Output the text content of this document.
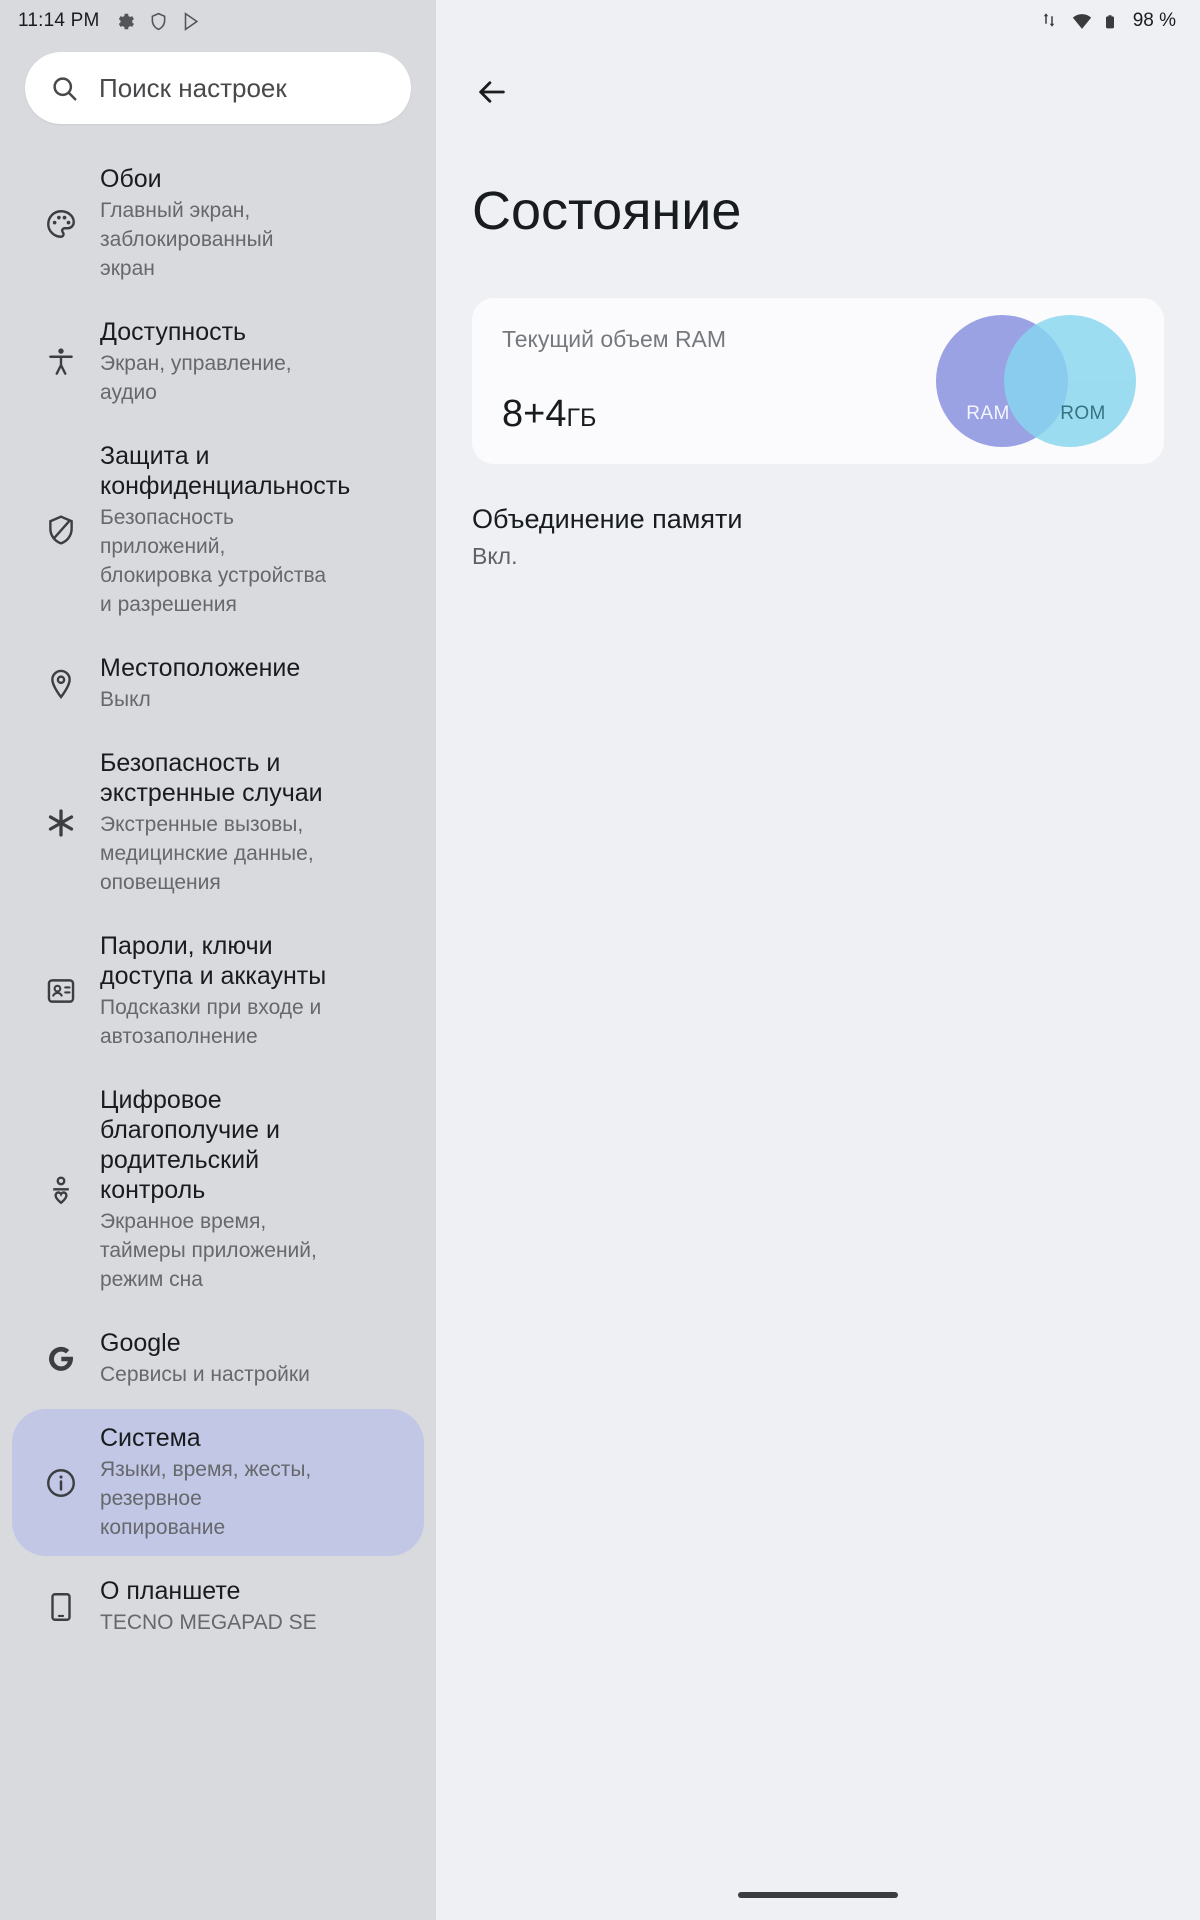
11:14 PM
Поиск настроек
Обои
Главный экран, заблокированный экран
Доступность
Экран, управление, аудио
Защита и конфиденциальность
Безопасность приложений, блокировка устройства и разрешения
Местоположение
Выкл
Безопасность и экстренные случаи
Экстренные вызовы, медицинские данные, оповещения
Пароли, ключи доступа и аккаунты
Подсказки при входе и автозаполнение
Цифровое благополучие и родительский контроль
Экранное время, таймеры приложений, режим сна
Google
Сервисы и настройки
Система
Языки, время, жесты, резервное копирование
О планшете
TECNO MEGAPAD SE
98 %
Состояние
Текущий объем RAM
8+4ГБ	RAM	ROM
Объединение памяти
Вкл.
